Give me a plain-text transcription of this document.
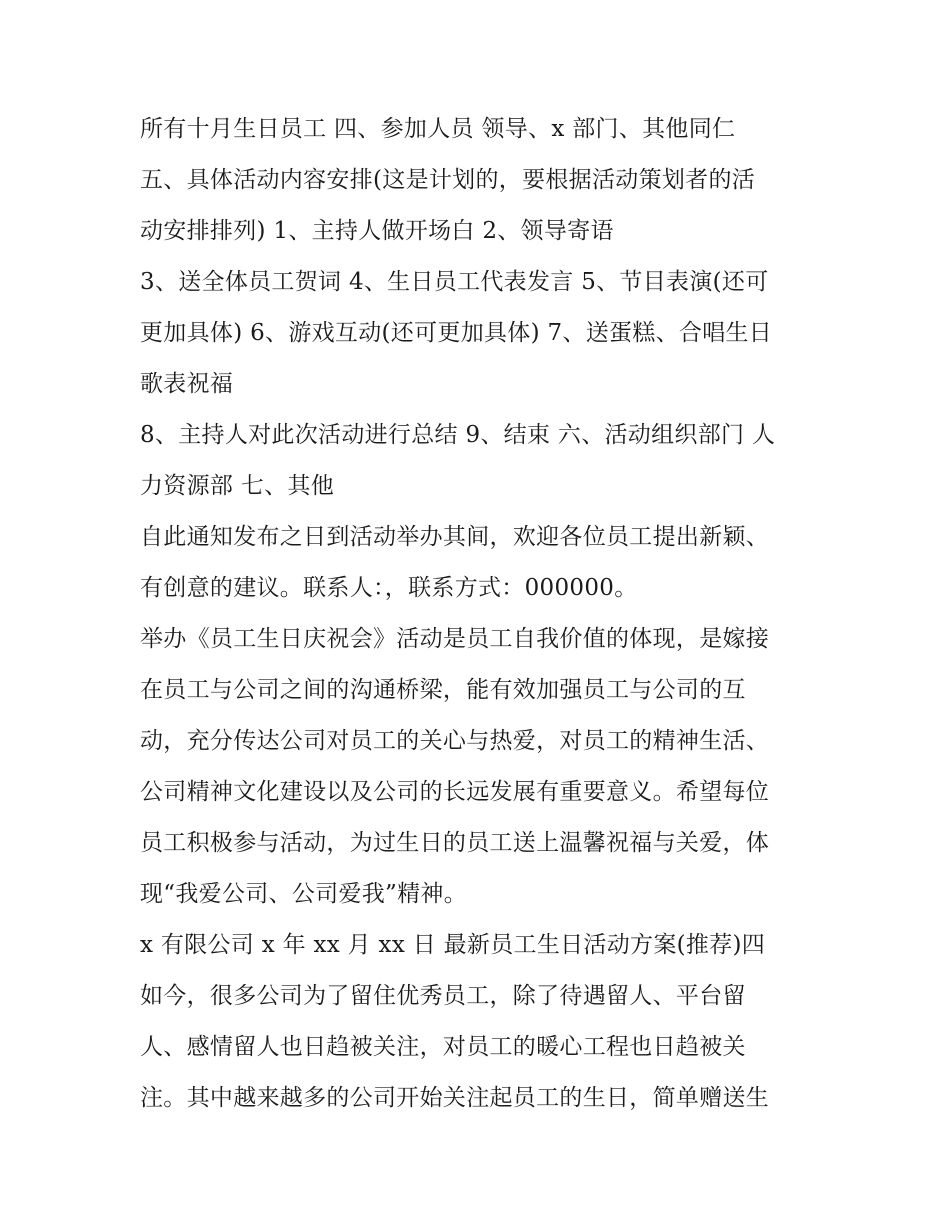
所有十月生日员工 四、参加人员 领导、x 部门、其他同仁
五、具体活动内容安排(这是计划的，要根据活动策划者的活
动安排排列) 1、主持人做开场白 2、领导寄语
3、送全体员工贺词 4、生日员工代表发言 5、节目表演(还可
更加具体) 6、游戏互动(还可更加具体) 7、送蛋糕、合唱生日
歌表祝福
8、主持人对此次活动进行总结 9、结束 六、活动组织部门 人
力资源部 七、其他
自此通知发布之日到活动举办其间，欢迎各位员工提出新颖、
有创意的建议。联系人：，联系方式：000000。
举办《员工生日庆祝会》活动是员工自我价值的体现，是嫁接
在员工与公司之间的沟通桥梁，能有效加强员工与公司的互
动，充分传达公司对员工的关心与热爱，对员工的精神生活、
公司精神文化建设以及公司的长远发展有重要意义。希望每位
员工积极参与活动，为过生日的员工送上温馨祝福与关爱，体
现“我爱公司、公司爱我”精神。
x 有限公司 x 年 xx 月 xx 日 最新员工生日活动方案(推荐)四
如今，很多公司为了留住优秀员工，除了待遇留人、平台留
人、感情留人也日趋被关注，对员工的暖心工程也日趋被关
注。其中越来越多的公司开始关注起员工的生日，简单赠送生
